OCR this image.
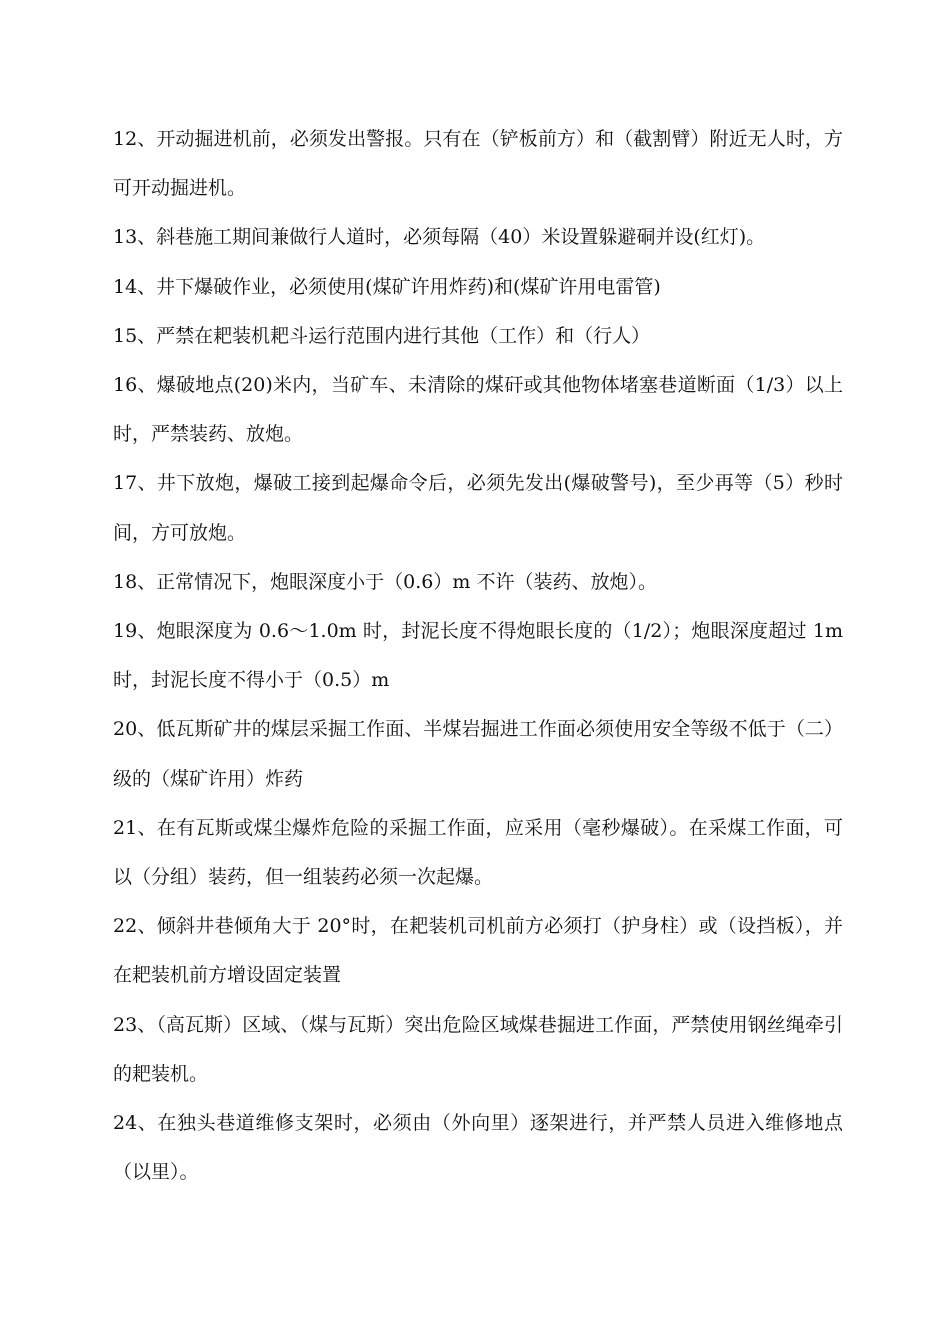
12、开动掘进机前，必须发出警报。只有在（铲板前方）和（截割臂）附近无人时，方可开动掘进机。

13、斜巷施工期间兼做行人道时，必须每隔（40）米设置躲避硐并设(红灯)。

14、井下爆破作业，必须使用(煤矿许用炸药)和(煤矿许用电雷管)

15、严禁在耙装机耙斗运行范围内进行其他（工作）和（行人）

16、爆破地点(20)米内，当矿车、未清除的煤矸或其他物体堵塞巷道断面（1/3）以上时，严禁装药、放炮。

17、井下放炮，爆破工接到起爆命令后，必须先发出(爆破警号)，至少再等（5）秒时间，方可放炮。

18、正常情况下，炮眼深度小于（0.6）m 不许（装药、放炮）。

19、炮眼深度为 0.6～1.0m 时，封泥长度不得炮眼长度的（1/2）；炮眼深度超过 1m 时，封泥长度不得小于（0.5）m

20、低瓦斯矿井的煤层采掘工作面、半煤岩掘进工作面必须使用安全等级不低于（二）级的（煤矿许用）炸药

21、在有瓦斯或煤尘爆炸危险的采掘工作面，应采用（毫秒爆破）。在采煤工作面，可以（分组）装药，但一组装药必须一次起爆。

22、倾斜井巷倾角大于 20°时，在耙装机司机前方必须打（护身柱）或（设挡板），并在耙装机前方增设固定装置

23、（高瓦斯）区域、（煤与瓦斯）突出危险区域煤巷掘进工作面，严禁使用钢丝绳牵引的耙装机。

24、在独头巷道维修支架时，必须由（外向里）逐架进行，并严禁人员进入维修地点（以里）。
